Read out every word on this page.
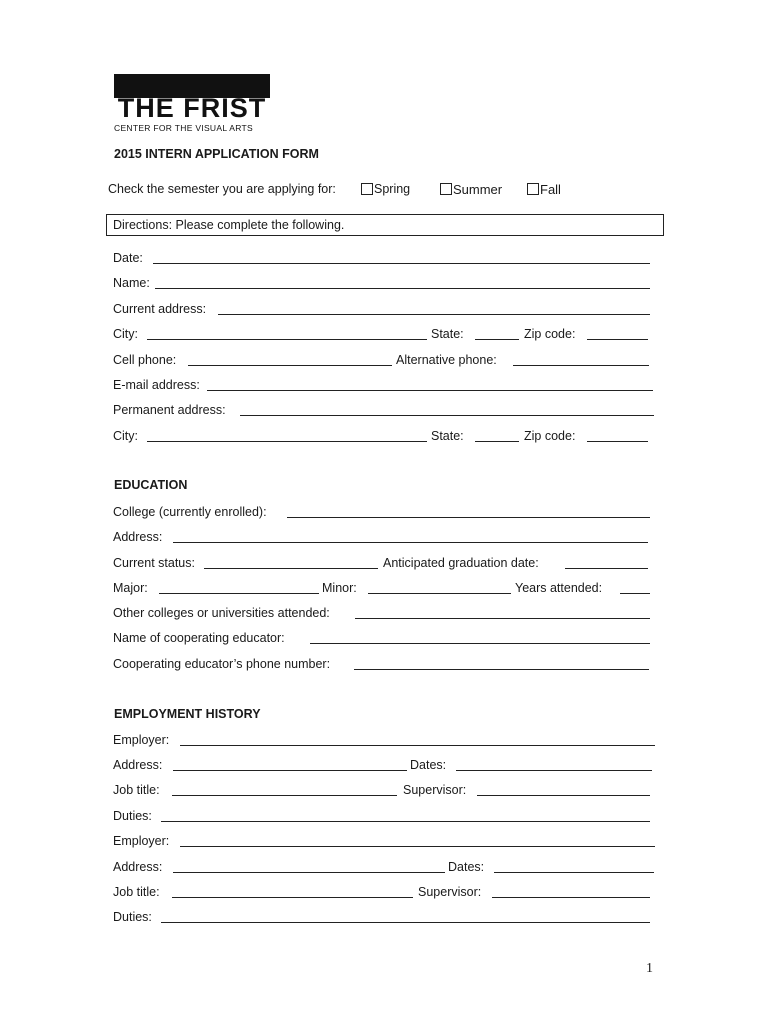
THE FRIST
CENTER FOR THE VISUAL ARTS
2015 INTERN APPLICATION FORM
Check the semester you are applying for:	Spring	Summer	Fall
Directions: Please complete the following.
Date:
Name:
Current address:
City:	State:	Zip code:
Cell phone:	Alternative phone:
E-mail address:
Permanent address:
City:	State:	Zip code:
EDUCATION
College (currently enrolled):
Address:
Current status:	Anticipated graduation date:
Major:	Minor:	Years attended:
Other colleges or universities attended:
Name of cooperating educator:
Cooperating educator’s phone number:
EMPLOYMENT HISTORY
Employer:
Address:	Dates:
Job title:	Supervisor:
Duties:
Employer:
Address:	Dates:
Job title:	Supervisor:
Duties:
1
